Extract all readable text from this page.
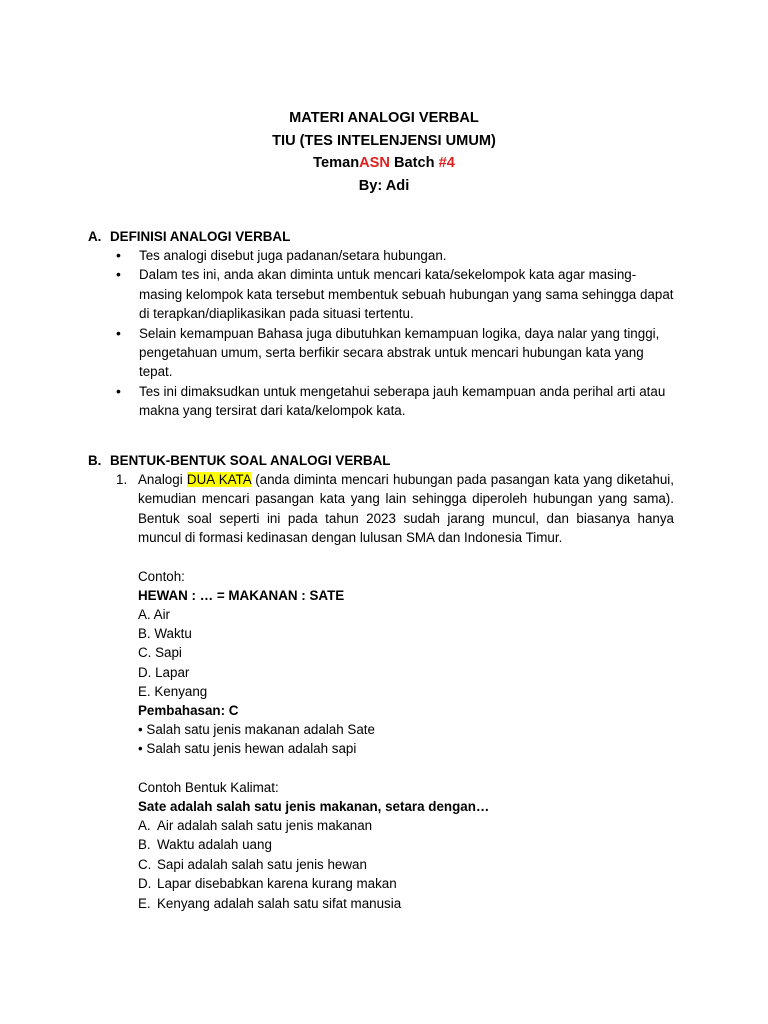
MATERI ANALOGI VERBAL
TIU (TES INTELENJENSI UMUM)
TemanASN Batch #4
By: Adi
A. DEFINISI ANALOGI VERBAL
• Tes analogi disebut juga padanan/setara hubungan.
• Dalam tes ini, anda akan diminta untuk mencari kata/sekelompok kata agar masing-masing kelompok kata tersebut membentuk sebuah hubungan yang sama sehingga dapat di terapkan/diaplikasikan pada situasi tertentu.
• Selain kemampuan Bahasa juga dibutuhkan kemampuan logika, daya nalar yang tinggi, pengetahuan umum, serta berfikir secara abstrak untuk mencari hubungan kata yang tepat.
• Tes ini dimaksudkan untuk mengetahui seberapa jauh kemampuan anda perihal arti atau makna yang tersirat dari kata/kelompok kata.
B. BENTUK-BENTUK SOAL ANALOGI VERBAL
1. Analogi DUA KATA (anda diminta mencari hubungan pada pasangan kata yang diketahui, kemudian mencari pasangan kata yang lain sehingga diperoleh hubungan yang sama). Bentuk soal seperti ini pada tahun 2023 sudah jarang muncul, dan biasanya hanya muncul di formasi kedinasan dengan lulusan SMA dan Indonesia Timur.
Contoh:
HEWAN : … = MAKANAN : SATE
A. Air
B. Waktu
C. Sapi
D. Lapar
E. Kenyang
Pembahasan: C
• Salah satu jenis makanan adalah Sate
• Salah satu jenis hewan adalah sapi
Contoh Bentuk Kalimat:
Sate adalah salah satu jenis makanan, setara dengan…
A. Air adalah salah satu jenis makanan
B. Waktu adalah uang
C. Sapi adalah salah satu jenis hewan
D. Lapar disebabkan karena kurang makan
E. Kenyang adalah salah satu sifat manusia
